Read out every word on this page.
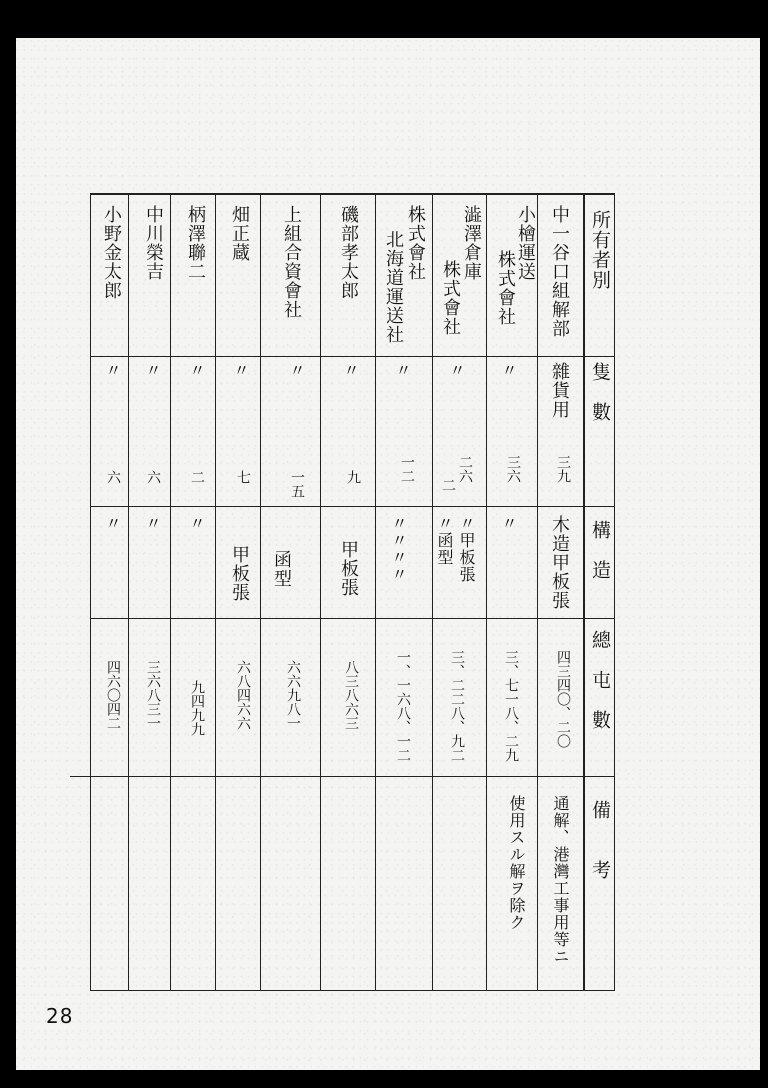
所有者別
隻　數
構　造
總　屯　數
備　　考
中一谷口組解部
雜貨用
三九
木造甲板張
四三四〇、二〇
通解、港灣工事用等ニ
使用スル解ヲ除ク
小檜運送
株式會社
〃
三六
〃
三、七一八、二九
澁澤倉庫
株式會社
〃
二六
二
〃甲板張
〃函型
三、二二八、九二
株式會社
北海道運送社
〃
一二
〃〃〃〃
一、一六八、一二
磯部孝太郎
〃
九
甲板張
八三八六三
上組合資會社
〃
一五
函型
六六九八一
畑正蔵
〃
七
甲板張
六八四六六
柄澤聯二
〃
二
〃
九四九九
中川榮吉
〃
六
〃
三六八三一
小野金太郎
〃
六
〃
四六〇四二
28
